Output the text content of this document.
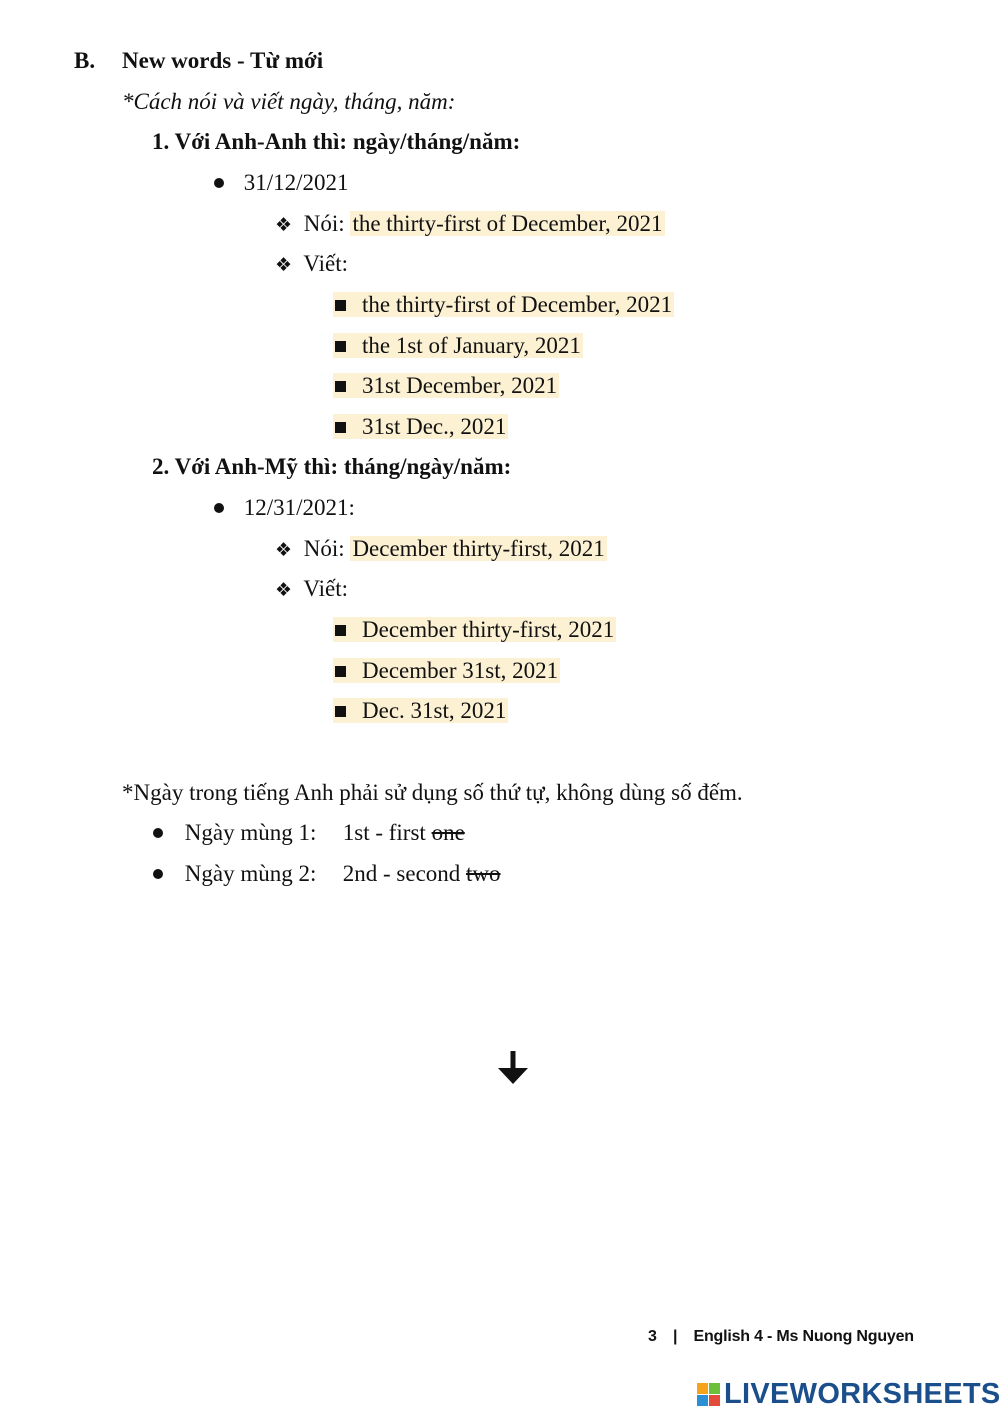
B. New words - Từ mới
*Cách nói và viết ngày, tháng, năm:
1. Với Anh-Anh thì: ngày/tháng/năm:
31/12/2021
❖ Nói: the thirty-first of December, 2021
❖ Viết:
the thirty-first of December, 2021
the 1st of January, 2021
31st December, 2021
31st Dec., 2021
2. Với Anh-Mỹ thì: tháng/ngày/năm:
12/31/2021:
❖ Nói: December thirty-first, 2021
❖ Viết:
December thirty-first, 2021
December 31st, 2021
Dec. 31st, 2021
*Ngày trong tiếng Anh phải sử dụng số thứ tự, không dùng số đếm.
Ngày mùng 1: 1st - first one
Ngày mùng 2: 2nd - second two
3 | English 4 - Ms Nuong Nguyen
LIVEWORKSHEETS
